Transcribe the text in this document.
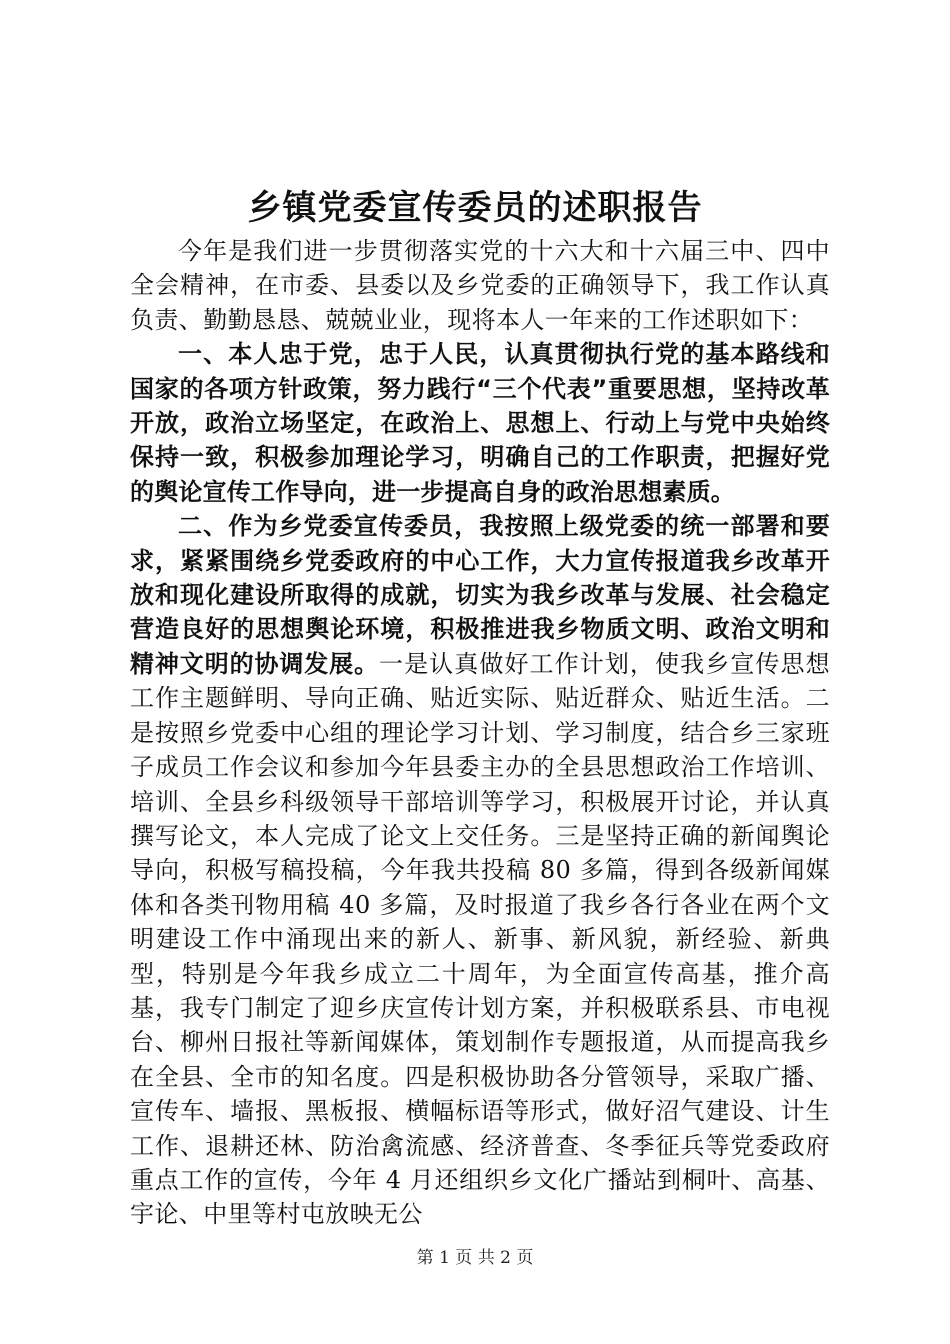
乡镇党委宣传委员的述职报告

今年是我们进一步贯彻落实党的十六大和十六届三中、四中全会精神，在市委、县委以及乡党委的正确领导下，我工作认真负责、勤勤恳恳、兢兢业业，现将本人一年来的工作述职如下：

一、本人忠于党，忠于人民，认真贯彻执行党的基本路线和国家的各项方针政策，努力践行“三个代表”重要思想，坚持改革开放，政治立场坚定，在政治上、思想上、行动上与党中央始终保持一致，积极参加理论学习，明确自己的工作职责，把握好党的舆论宣传工作导向，进一步提高自身的政治思想素质。

二、作为乡党委宣传委员，我按照上级党委的统一部署和要求，紧紧围绕乡党委政府的中心工作，大力宣传报道我乡改革开放和现化建设所取得的成就，切实为我乡改革与发展、社会稳定营造良好的思想舆论环境，积极推进我乡物质文明、政治文明和精神文明的协调发展。一是认真做好工作计划，使我乡宣传思想工作主题鲜明、导向正确、贴近实际、贴近群众、贴近生活。二是按照乡党委中心组的理论学习计划、学习制度，结合乡三家班子成员工作会议和参加今年县委主办的全县思想政治工作培训、培训、全县乡科级领导干部培训等学习，积极展开讨论，并认真撰写论文，本人完成了论文上交任务。三是坚持正确的新闻舆论导向，积极写稿投稿，今年我共投稿 80 多篇，得到各级新闻媒体和各类刊物用稿 40 多篇，及时报道了我乡各行各业在两个文明建设工作中涌现出来的新人、新事、新风貌，新经验、新典型，特别是今年我乡成立二十周年，为全面宣传高基，推介高基，我专门制定了迎乡庆宣传计划方案，并积极联系县、市电视台、柳州日报社等新闻媒体，策划制作专题报道，从而提高我乡在全县、全市的知名度。四是积极协助各分管领导，采取广播、宣传车、墙报、黑板报、横幅标语等形式，做好沼气建设、计生工作、退耕还林、防治禽流感、经济普查、冬季征兵等党委政府重点工作的宣传，今年 4 月还组织乡文化广播站到桐叶、高基、宇论、中里等村屯放映无公

第 1 页 共 2 页
